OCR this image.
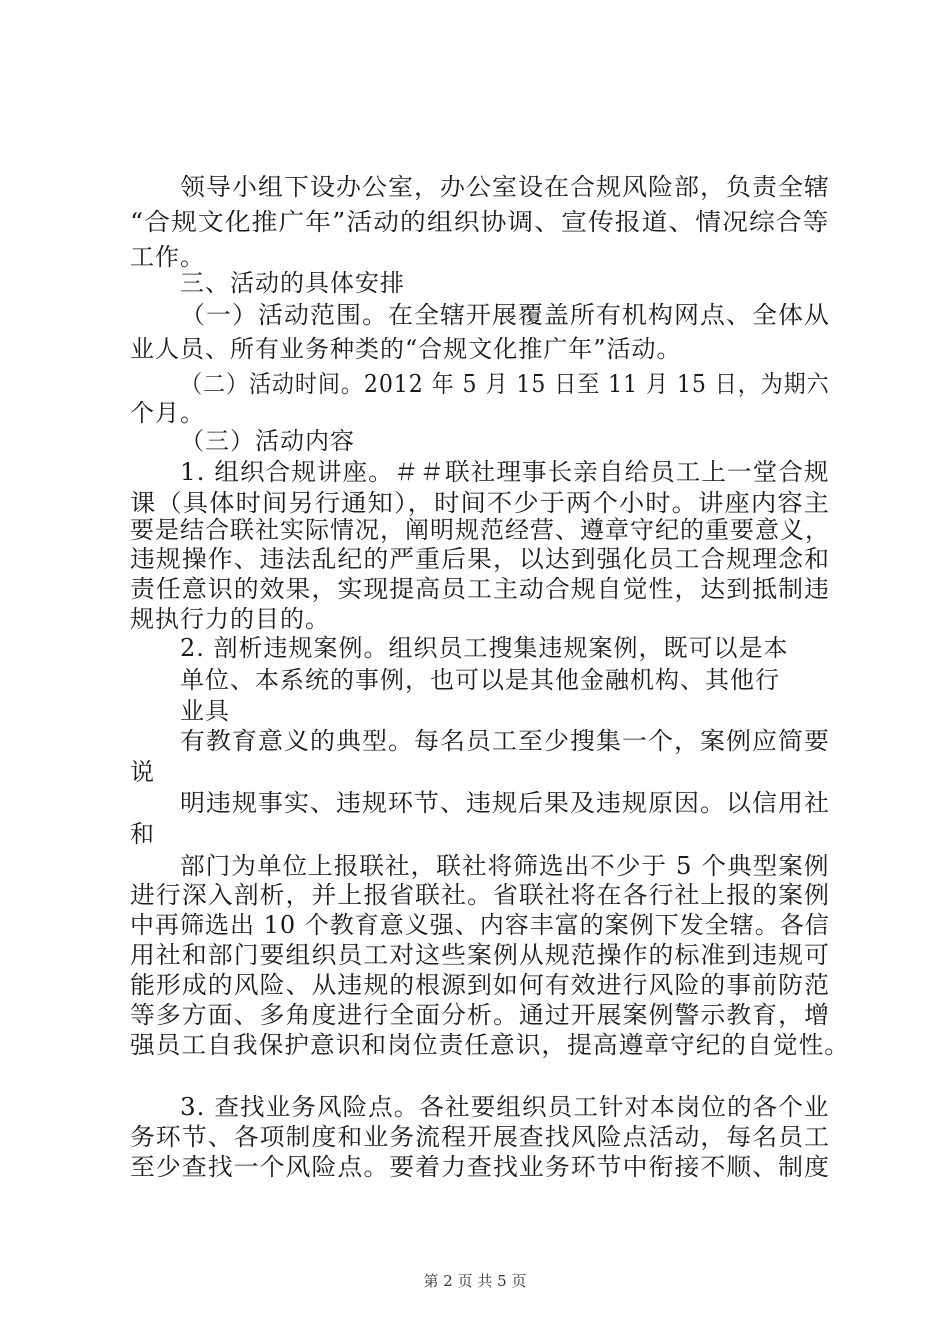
领导小组下设办公室，办公室设在合规风险部，负责全辖
“合规文化推广年”活动的组织协调、宣传报道、情况综合等
工作。
三、活动的具体安排
（一）活动范围。在全辖开展覆盖所有机构网点、全体从
业人员、所有业务种类的“合规文化推广年”活动。
（二）活动时间。2012 年 5 月 15 日至 11 月 15 日，为期六
个月。
（三）活动内容
1. 组织合规讲座。＃＃联社理事长亲自给员工上一堂合规
课（具体时间另行通知），时间不少于两个小时。讲座内容主
要是结合联社实际情况，阐明规范经营、遵章守纪的重要意义，
违规操作、违法乱纪的严重后果，以达到强化员工合规理念和
责任意识的效果，实现提高员工主动合规自觉性，达到抵制违
规执行力的目的。
2. 剖析违规案例。组织员工搜集违规案例，既可以是本
单位、本系统的事例，也可以是其他金融机构、其他行
业具
有教育意义的典型。每名员工至少搜集一个，案例应简要
说
明违规事实、违规环节、违规后果及违规原因。以信用社
和
部门为单位上报联社，联社将筛选出不少于 5 个典型案例
进行深入剖析，并上报省联社。省联社将在各行社上报的案例
中再筛选出 10 个教育意义强、内容丰富的案例下发全辖。各信
用社和部门要组织员工对这些案例从规范操作的标准到违规可
能形成的风险、从违规的根源到如何有效进行风险的事前防范
等多方面、多角度进行全面分析。通过开展案例警示教育，增
强员工自我保护意识和岗位责任意识，提高遵章守纪的自觉性。
3. 查找业务风险点。各社要组织员工针对本岗位的各个业
务环节、各项制度和业务流程开展查找风险点活动，每名员工
至少查找一个风险点。要着力查找业务环节中衔接不顺、制度
第 2 页 共 5 页
